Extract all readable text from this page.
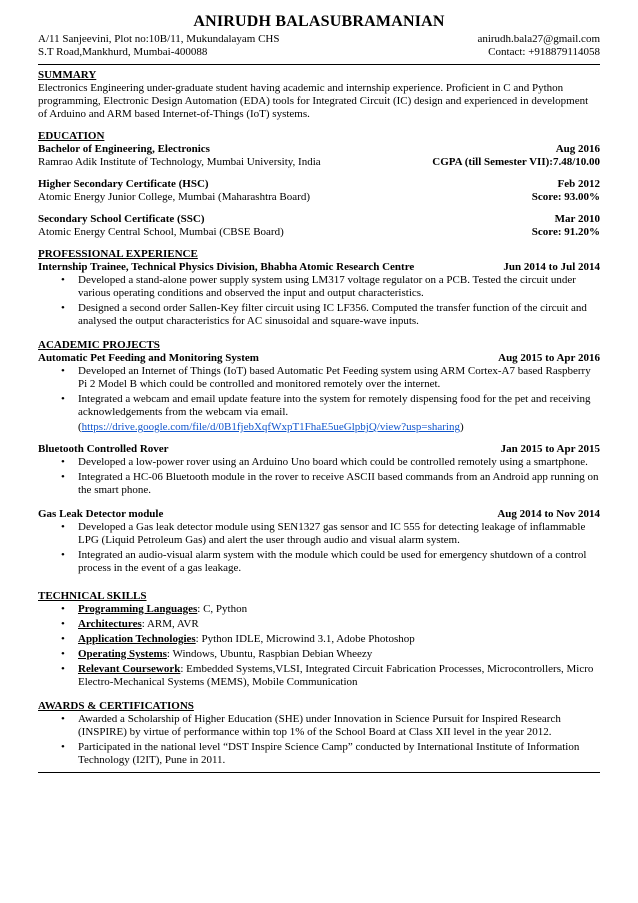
ANIRUDH BALASUBRAMANIAN
A/11 Sanjeevini, Plot no:10B/11, Mukundalayam CHS	anirudh.bala27@gmail.com
S.T Road,Mankhurd, Mumbai-400088	Contact: +918879114058
SUMMARY

Electronics Engineering under-graduate student having academic and internship experience. Proficient in C and Python programming, Electronic Design Automation (EDA) tools for Integrated Circuit (IC) design and experienced in development of Arduino and ARM based Internet-of-Things (IoT) systems.

EDUCATION
Bachelor of Engineering, Electronics	Aug 2016
Ramrao Adik Institute of Technology, Mumbai University, India	CGPA (till Semester VII):7.48/10.00
Higher Secondary Certificate (HSC)	Feb 2012
Atomic Energy Junior College, Mumbai (Maharashtra Board)	Score: 93.00%
Secondary School Certificate (SSC)	Mar 2010
Atomic Energy Central School, Mumbai (CBSE Board)	Score: 91.20%
PROFESSIONAL EXPERIENCE
Internship Trainee, Technical Physics Division, Bhabha Atomic Research Centre	Jun 2014 to Jul 2014
• Developed a stand-alone power supply system using LM317 voltage regulator on a PCB. Tested the circuit under various operating conditions and observed the input and output characteristics.
• Designed a second order Sallen-Key filter circuit using IC LF356. Computed the transfer function of the circuit and analysed the output characteristics for AC sinusoidal and square-wave inputs.
ACADEMIC PROJECTS
Automatic Pet Feeding and Monitoring System	Aug 2015 to Apr 2016
• Developed an Internet of Things (IoT) based Automatic Pet Feeding system using ARM Cortex-A7 based Raspberry Pi 2 Model B which could be controlled and monitored remotely over the internet.
• Integrated a webcam and email update feature into the system for remotely dispensing food for the pet and receiving acknowledgements from the webcam via email.
(https://drive.google.com/file/d/0B1fjebXqfWxpT1FhaE5ueGlpbjQ/view?usp=sharing)
Bluetooth Controlled Rover	Jan 2015 to Apr 2015
• Developed a low-power rover using an Arduino Uno board which could be controlled remotely using a smartphone.
• Integrated a HC-06 Bluetooth module in the rover to receive ASCII based commands from an Android app running on the smart phone.
Gas Leak Detector module	Aug 2014 to Nov 2014
• Developed a Gas leak detector module using SEN1327 gas sensor and IC 555 for detecting leakage of inflammable LPG (Liquid Petroleum Gas) and alert the user through audio and visual alarm system.
• Integrated an audio-visual alarm system with the module which could be used for emergency shutdown of a control process in the event of a gas leakage.
TECHNICAL SKILLS
• Programming Languages: C, Python
• Architectures: ARM, AVR
• Application Technologies: Python IDLE, Microwind 3.1, Adobe Photoshop
• Operating Systems: Windows, Ubuntu, Raspbian Debian Wheezy
• Relevant Coursework: Embedded Systems,VLSI, Integrated Circuit Fabrication Processes, Microcontrollers, Micro Electro-Mechanical Systems (MEMS), Mobile Communication
AWARDS & CERTIFICATIONS
• Awarded a Scholarship of Higher Education (SHE) under Innovation in Science Pursuit for Inspired Research (INSPIRE) by virtue of performance within top 1% of the School Board at Class XII level in the year 2012.
• Participated in the national level “DST Inspire Science Camp” conducted by International Institute of Information Technology (I2IT), Pune in 2011.
